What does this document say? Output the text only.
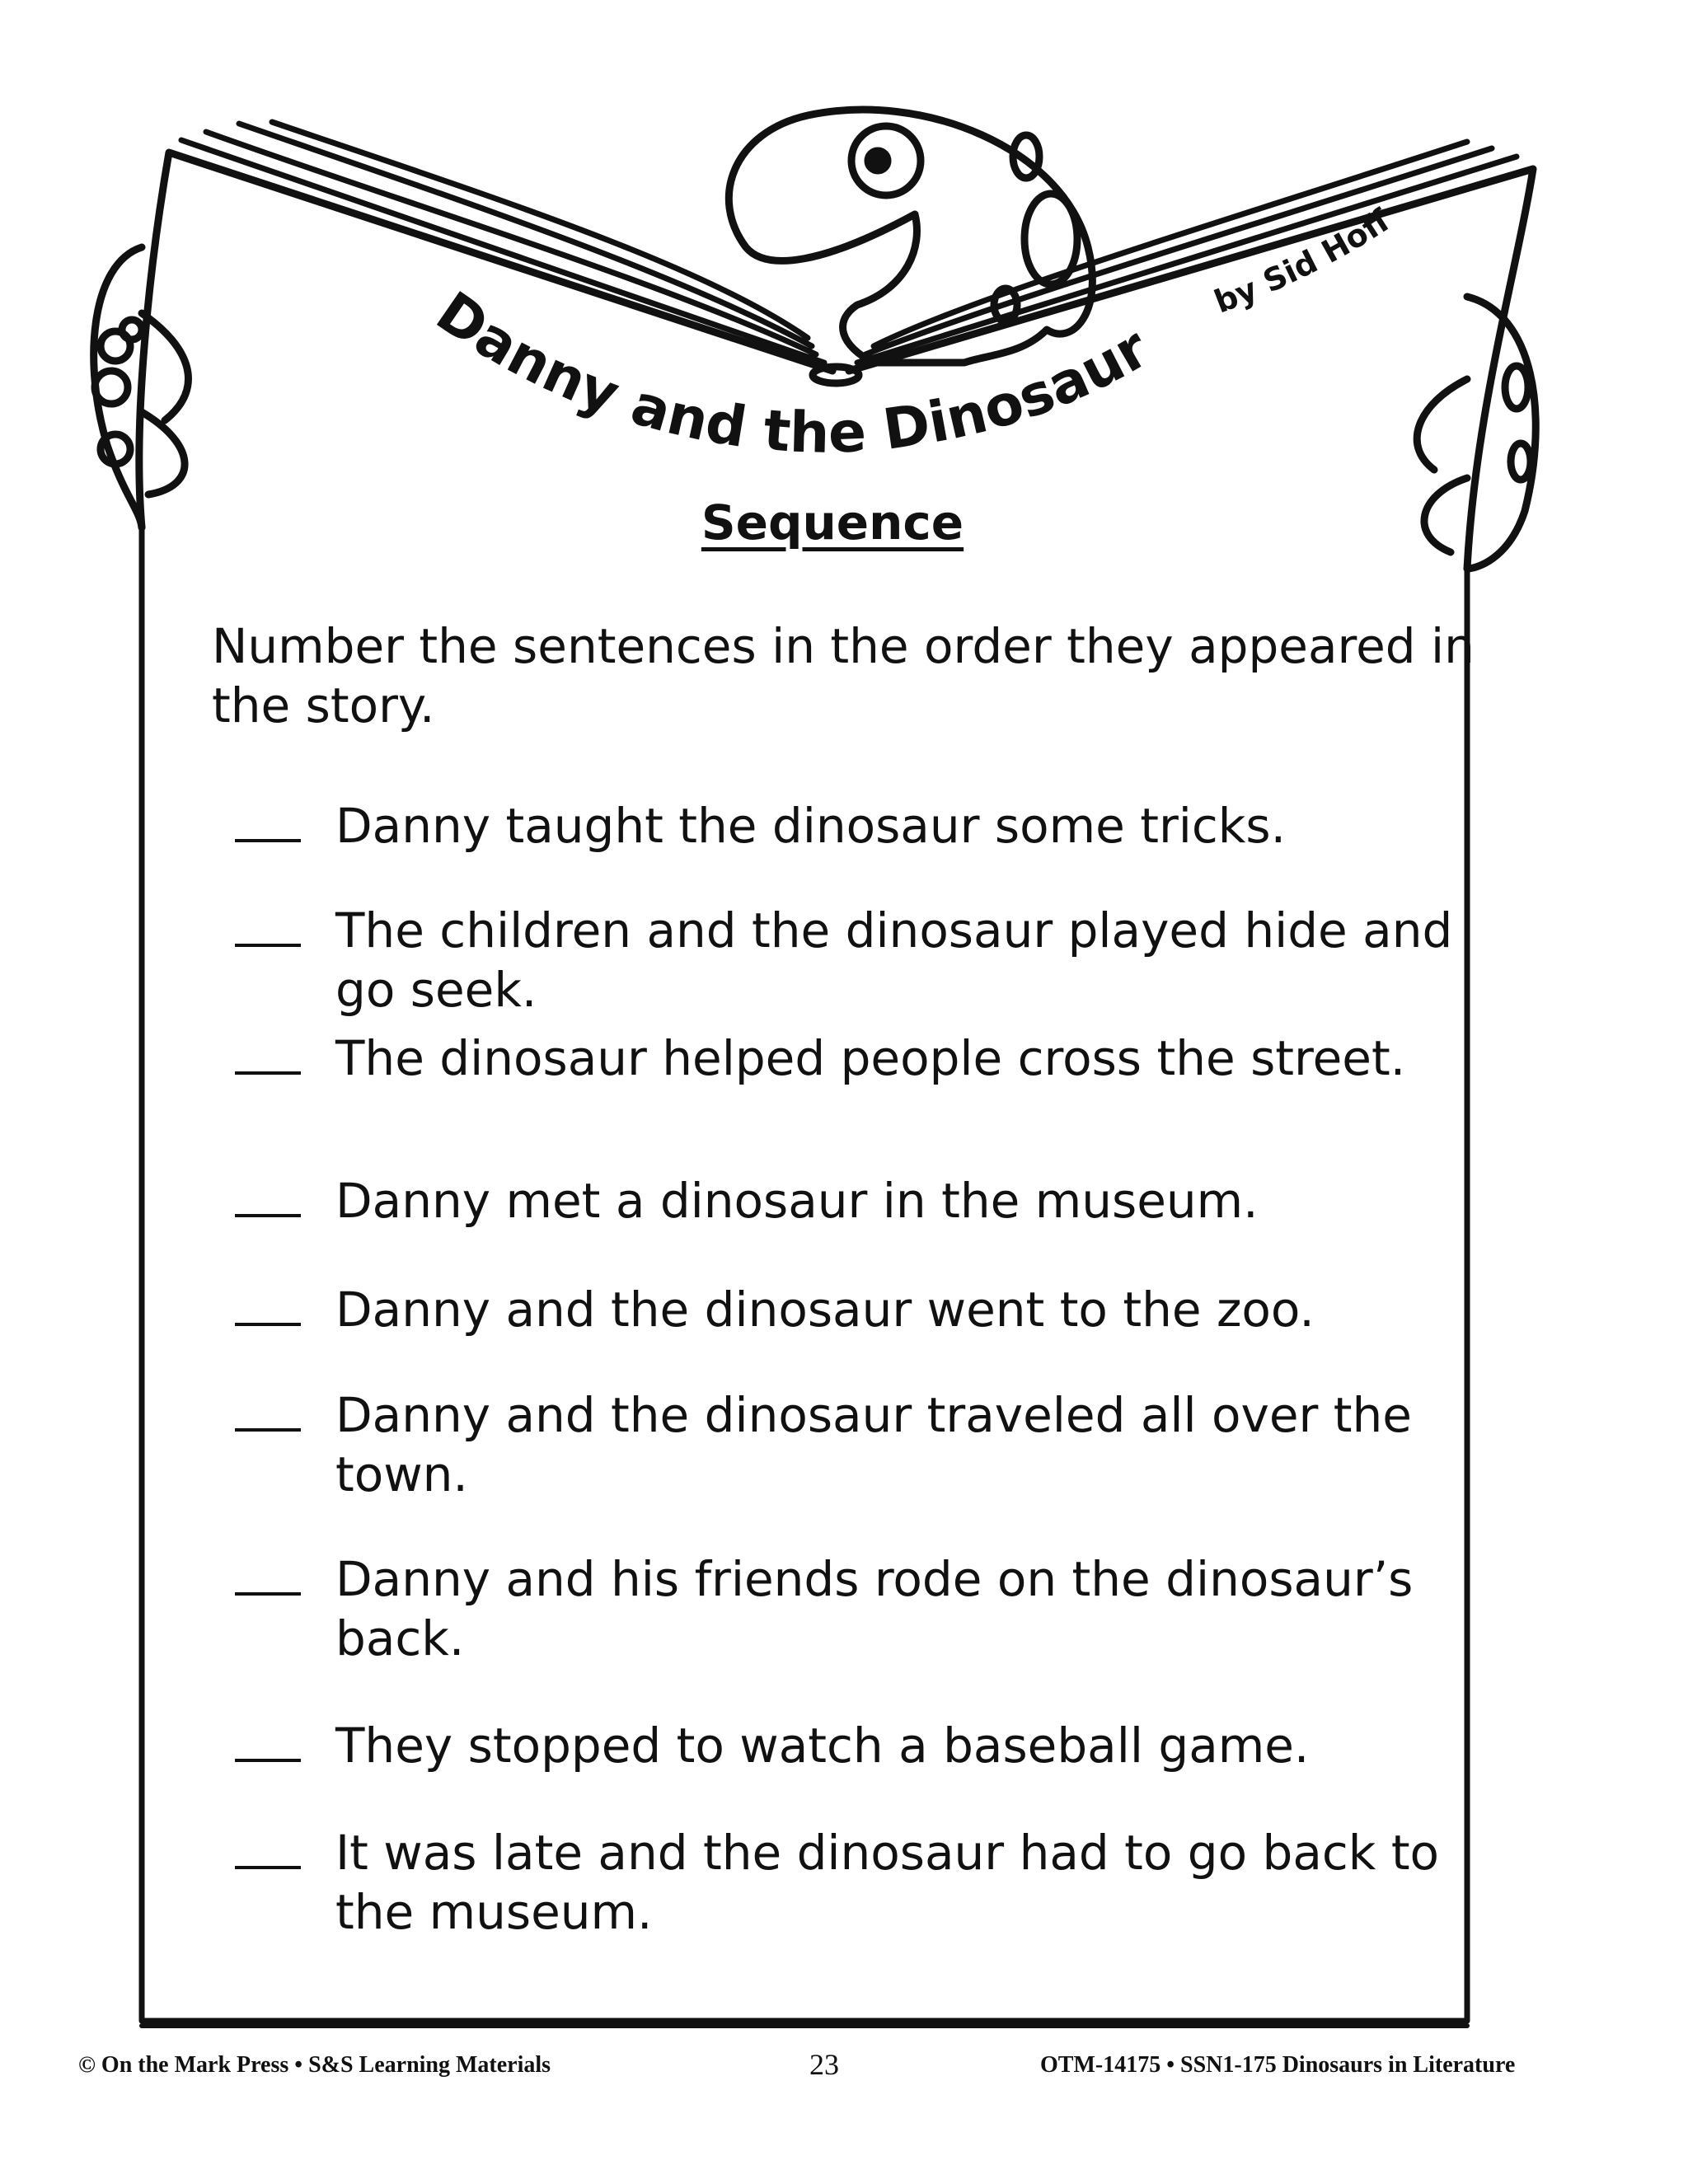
Danny and the Dinosaur
by Sid Hoff
Sequence
Number the sentences in the order they appeared in the story.
Danny taught the dinosaur some tricks.
The children and the dinosaur played hide and go seek.
The dinosaur helped people cross the street.
Danny met a dinosaur in the museum.
Danny and the dinosaur went to the zoo.
Danny and the dinosaur traveled all over the town.
Danny and his friends rode on the dinosaur’s back.
They stopped to watch a baseball game.
It was late and the dinosaur had to go back to the museum.
© On the Mark Press • S&S Learning Materials	23	OTM-14175 • SSN1-175 Dinosaurs in Literature
